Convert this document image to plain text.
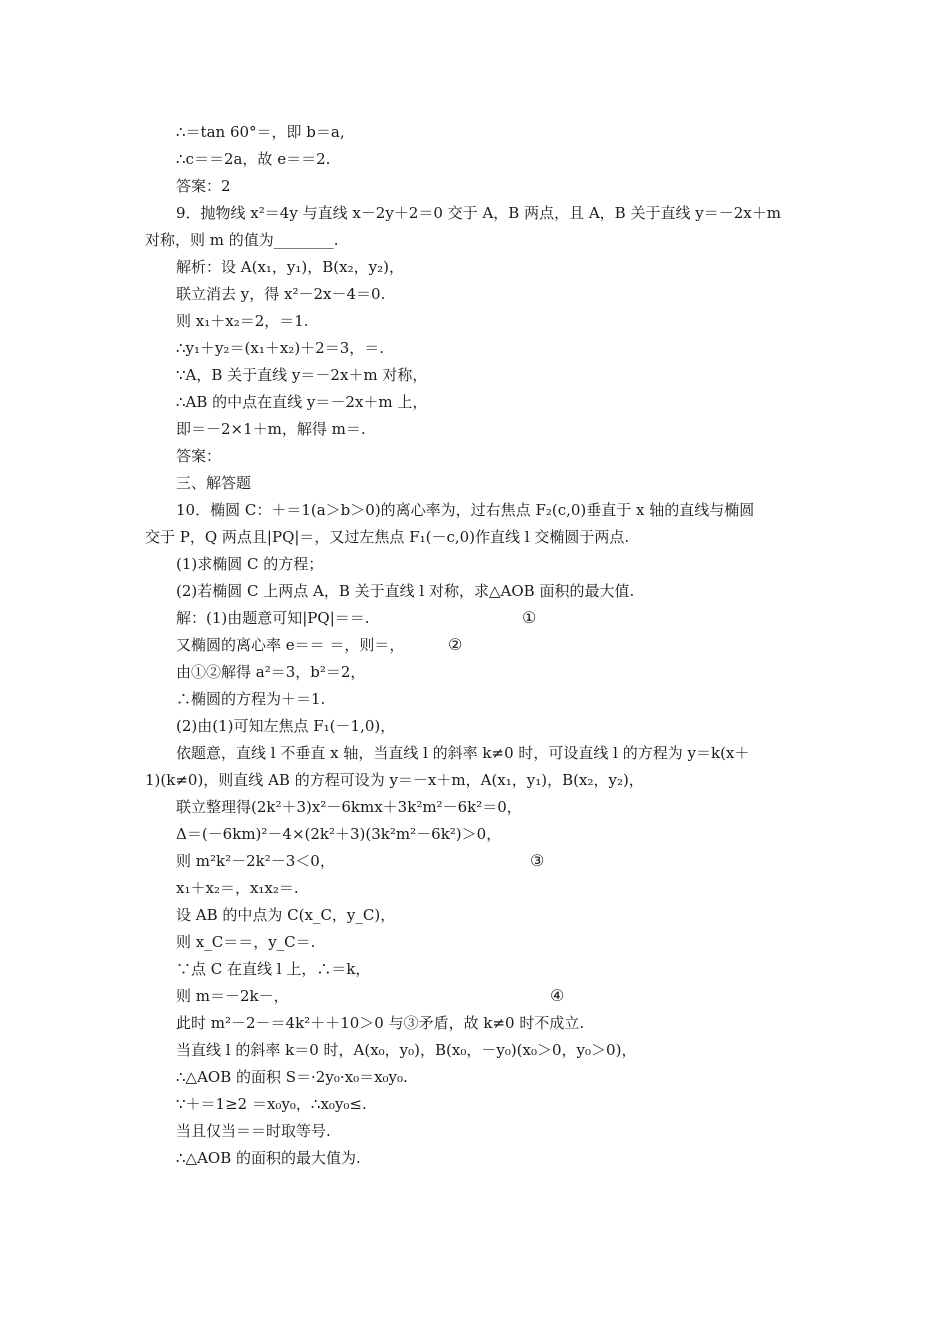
∴＝tan 60°＝，即 b＝a,
∴c＝＝2a，故 e＝＝2.
答案：2
9．抛物线 x²＝4y 与直线 x－2y＋2＝0 交于 A，B 两点，且 A，B 关于直线 y＝－2x＋m
对称，则 m 的值为________.
解析：设 A(x₁，y₁)，B(x₂，y₂)，
联立消去 y，得 x²－2x－4＝0.
则 x₁＋x₂＝2，＝1.
∴y₁＋y₂＝(x₁＋x₂)＋2＝3，＝.
∵A，B 关于直线 y＝－2x＋m 对称，
∴AB 的中点在直线 y＝－2x＋m 上，
即＝－2×1＋m，解得 m＝.
答案：
三、解答题
10．椭圆 C：＋＝1(a＞b＞0)的离心率为，过右焦点 F₂(c,0)垂直于 x 轴的直线与椭圆
交于 P，Q 两点且|PQ|＝，又过左焦点 F₁(－c,0)作直线 l 交椭圆于两点.
(1)求椭圆 C 的方程；
(2)若椭圆 C 上两点 A，B 关于直线 l 对称，求△AOB 面积的最大值.
解：(1)由题意可知|PQ|＝＝.
又椭圆的离心率 e＝＝ ＝，则＝，
由①②解得 a²＝3，b²＝2，
∴椭圆的方程为＋＝1.
(2)由(1)可知左焦点 F₁(－1,0)，
依题意，直线 l 不垂直 x 轴，当直线 l 的斜率 k≠0 时，可设直线 l 的方程为 y＝k(x＋
1)(k≠0)，则直线 AB 的方程可设为 y＝－x＋m，A(x₁，y₁)，B(x₂，y₂)，
联立整理得(2k²＋3)x²－6kmx＋3k²m²－6k²＝0，
Δ＝(－6km)²－4×(2k²＋3)(3k²m²－6k²)＞0，
则 m²k²－2k²－3＜0，
x₁＋x₂＝，x₁x₂＝.
设 AB 的中点为 C(x_C，y_C)，
则 x_C＝＝，y_C＝.
∵点 C 在直线 l 上，∴＝k，
则 m＝－2k－，
此时 m²－2－＝4k²＋＋10＞0 与③矛盾，故 k≠0 时不成立.
当直线 l 的斜率 k＝0 时，A(x₀，y₀)，B(x₀，－y₀)(x₀＞0，y₀＞0)，
∴△AOB 的面积 S＝·2y₀·x₀＝x₀y₀.
∵＋＝1≥2 ＝x₀y₀，∴x₀y₀≤.
当且仅当＝＝时取等号.
∴△AOB 的面积的最大值为.
①
②
③
④
